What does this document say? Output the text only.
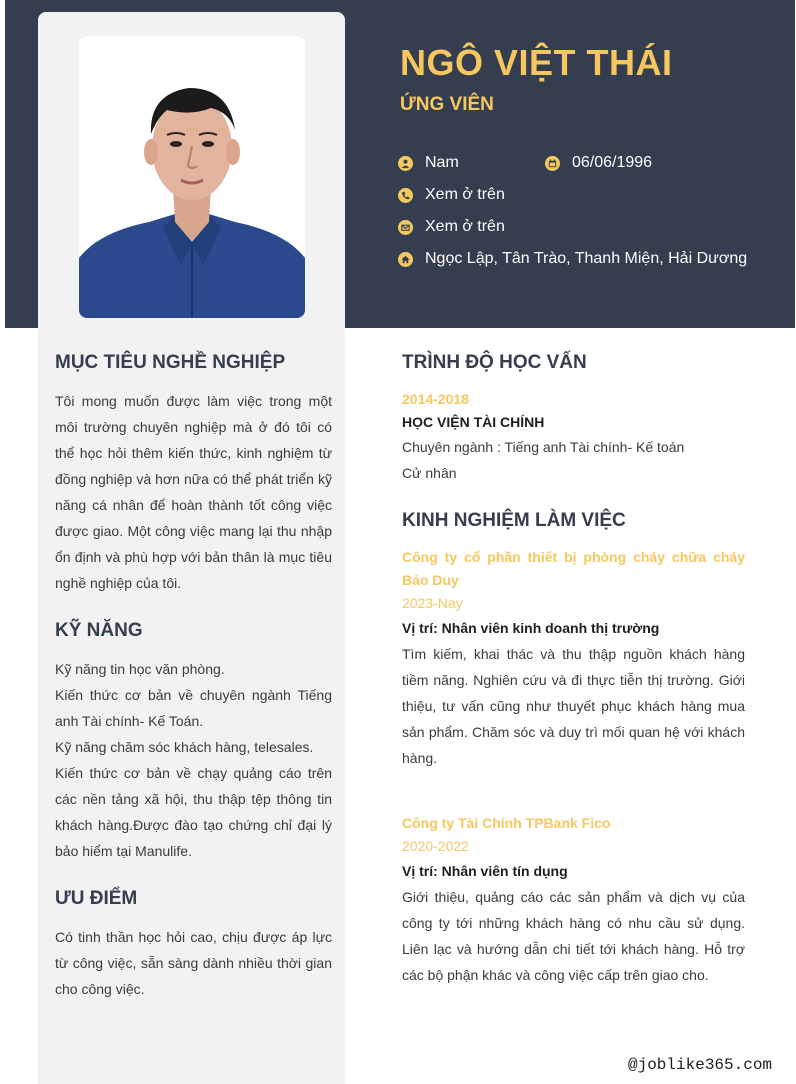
NGÔ VIỆT THÁI
ỨNG VIÊN
Nam	06/06/1996
Xem ở trên
Xem ở trên
Ngọc Lập, Tân Trào, Thanh Miện, Hải Dương
MỤC TIÊU NGHỀ NGHIỆP
Tôi mong muốn được làm việc trong một môi trường chuyên nghiệp mà ở đó tôi có thể học hỏi thêm kiến thức, kinh nghiệm từ đồng nghiệp và hơn nữa có thể phát triển kỹ năng cá nhân để hoàn thành tốt công việc được giao. Một công việc mang lại thu nhập ổn định và phù hợp với bản thân là mục tiêu nghề nghiệp của tôi.
KỸ NĂNG
Kỹ năng tin học văn phòng.
Kiến thức cơ bản về chuyên ngành Tiếng anh Tài chính- Kế Toán.
Kỹ năng chăm sóc khách hàng, telesales.
Kiến thức cơ bản về chạy quảng cáo trên các nền tảng xã hội, thu thập tệp thông tin khách hàng.Được đào tạo chứng chỉ đại lý bảo hiểm tại Manulife.
ƯU ĐIỂM
Có tinh thần học hỏi cao, chịu được áp lực từ công việc, sẵn sàng dành nhiều thời gian cho công việc.
TRÌNH ĐỘ HỌC VẤN
2014-2018
HỌC VIỆN TÀI CHÍNH
Chuyên ngành : Tiếng anh Tài chính- Kế toán
Cử nhân
KINH NGHIỆM LÀM VIỆC
Công ty cổ phần thiết bị phòng cháy chữa cháy Bảo Duy
2023-Nay
Vị trí: Nhân viên kinh doanh thị trường
Tìm kiếm, khai thác và thu thập nguồn khách hàng tiềm năng. Nghiên cứu và đi thực tiễn thị trường. Giới thiệu, tư vấn cũng như thuyết phục khách hàng mua sản phẩm. Chăm sóc và duy trì mối quan hệ với khách hàng.
Công ty Tài Chính TPBank Fico
2020-2022
Vị trí: Nhân viên tín dụng
Giới thiệu, quảng cáo các sản phẩm và dịch vụ của công ty tới những khách hàng có nhu cầu sử dụng. Liên lạc và hướng dẫn chi tiết tới khách hàng. Hỗ trợ các bộ phận khác và công việc cấp trên giao cho.
@joblike365.com
